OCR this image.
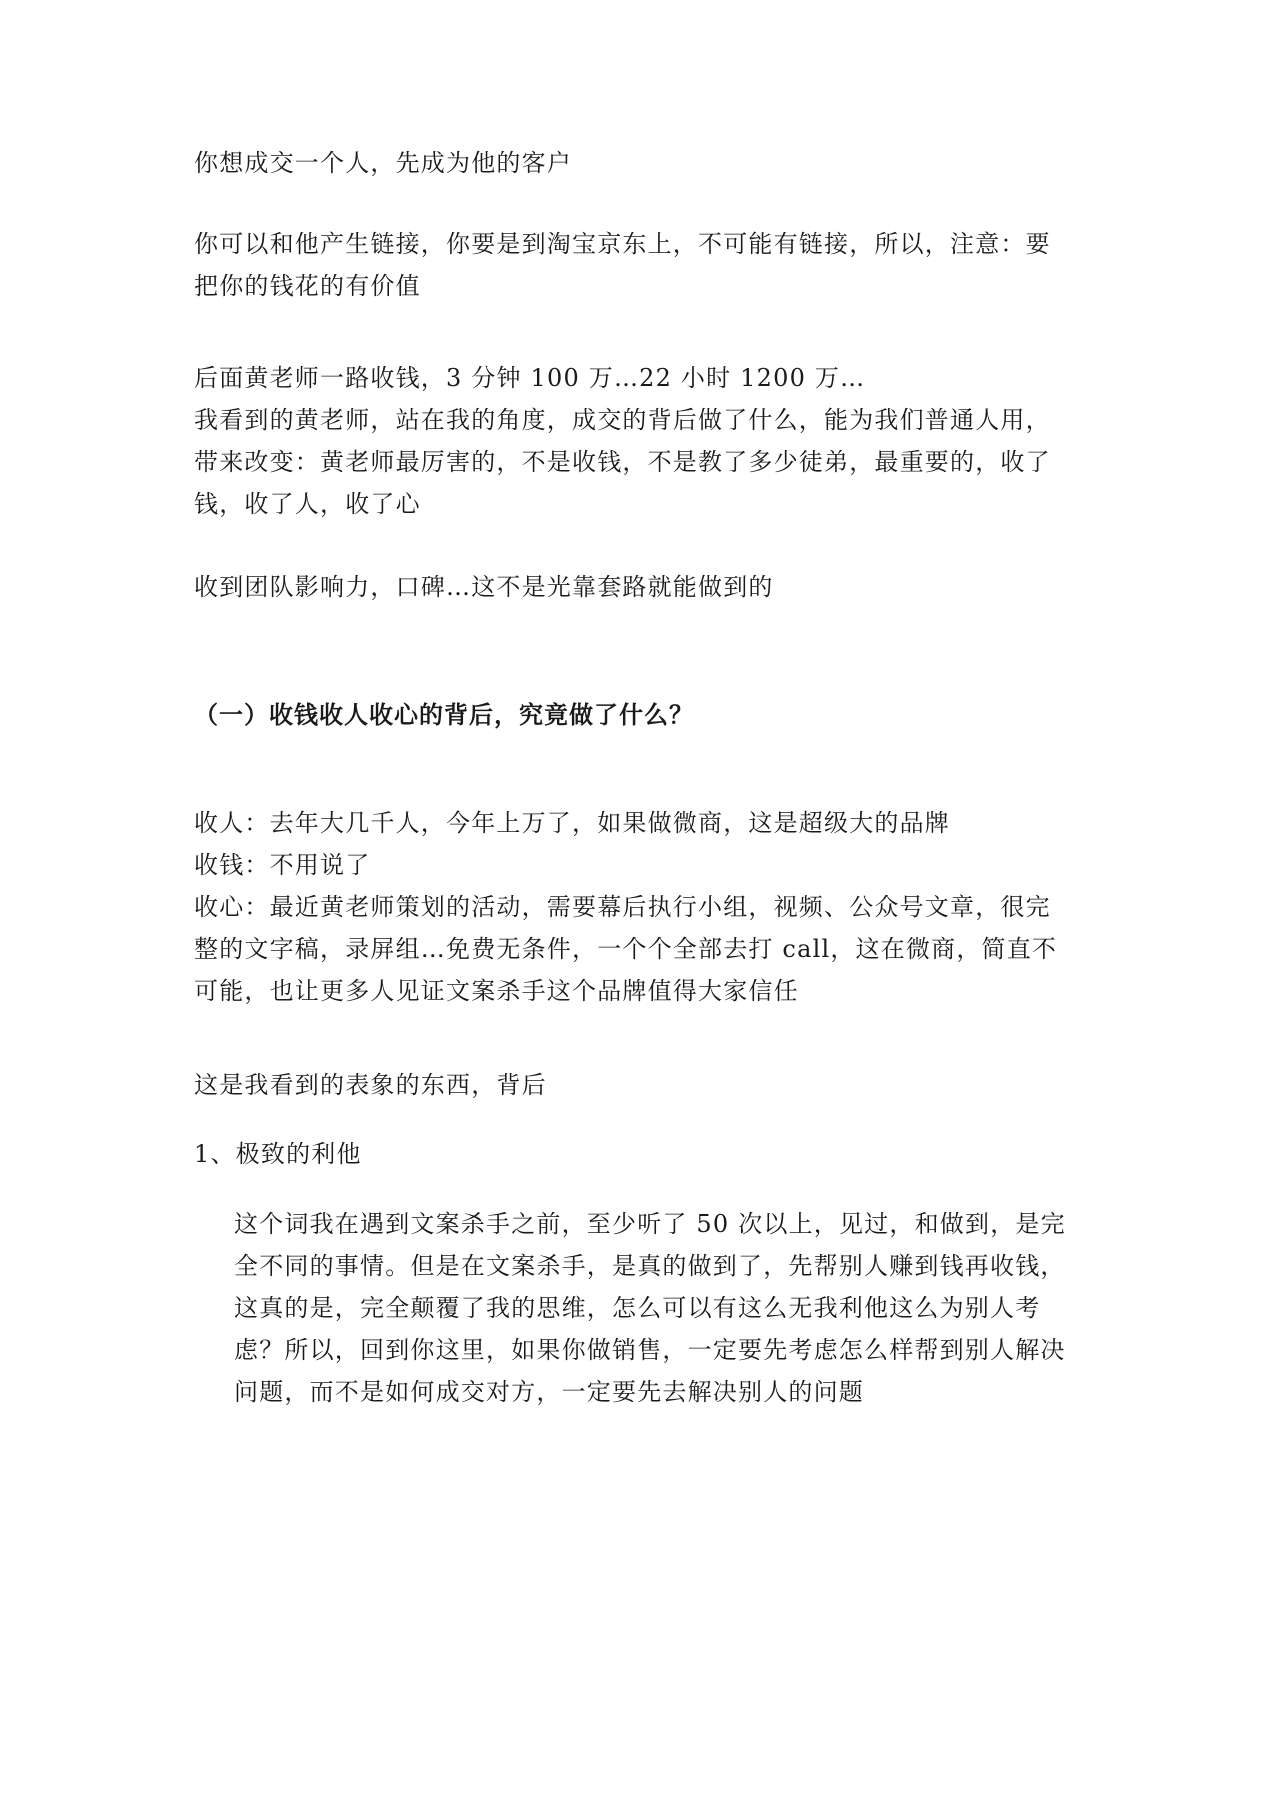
你想成交一个人，先成为他的客户

你可以和他产生链接，你要是到淘宝京东上，不可能有链接，所以，注意：要
把你的钱花的有价值

后面黄老师一路收钱，3 分钟 100 万…22 小时 1200 万…
我看到的黄老师，站在我的角度，成交的背后做了什么，能为我们普通人用，
带来改变：黄老师最厉害的，不是收钱，不是教了多少徒弟，最重要的，收了
钱，收了人，收了心

收到团队影响力，口碑…这不是光靠套路就能做到的

（一）收钱收人收心的背后，究竟做了什么？

收人：去年大几千人，今年上万了，如果做微商，这是超级大的品牌
收钱：不用说了
收心：最近黄老师策划的活动，需要幕后执行小组，视频、公众号文章，很完
整的文字稿，录屏组…免费无条件，一个个全部去打 call，这在微商，简直不
可能，也让更多人见证文案杀手这个品牌值得大家信任

这是我看到的表象的东西，背后

1、极致的利他

这个词我在遇到文案杀手之前，至少听了 50 次以上，见过，和做到，是完
全不同的事情。但是在文案杀手，是真的做到了，先帮别人赚到钱再收钱，
这真的是，完全颠覆了我的思维，怎么可以有这么无我利他这么为别人考
虑？所以，回到你这里，如果你做销售，一定要先考虑怎么样帮到别人解决
问题，而不是如何成交对方，一定要先去解决别人的问题
